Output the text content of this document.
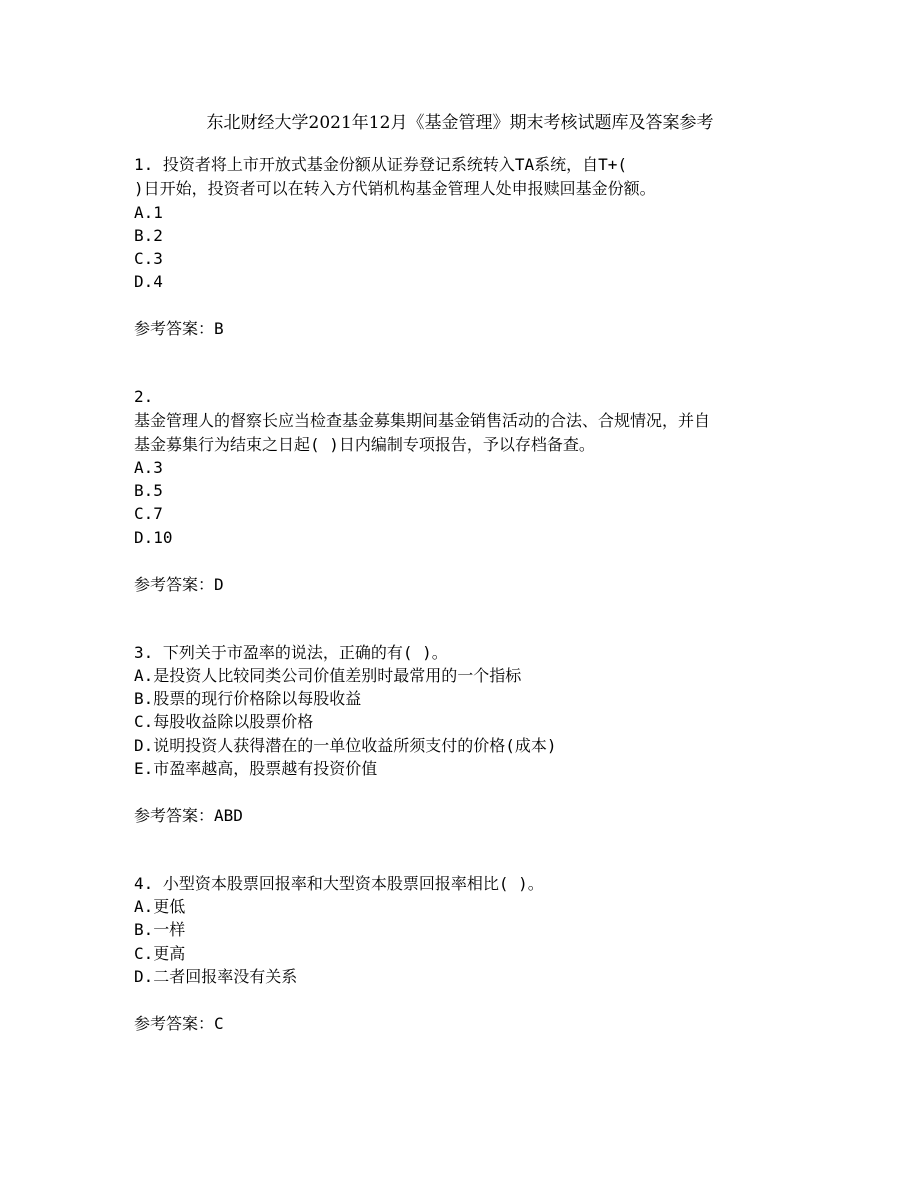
东北财经大学2021年12月《基金管理》期末考核试题库及答案参考
1. 投资者将上市开放式基金份额从证券登记系统转入TA系统，自T+(
)日开始，投资者可以在转入方代销机构基金管理人处申报赎回基金份额。
A.1
B.2
C.3
D.4
参考答案：B
2.
基金管理人的督察长应当检查基金募集期间基金销售活动的合法、合规情况，并自
基金募集行为结束之日起( )日内编制专项报告，予以存档备查。
A.3
B.5
C.7
D.10
参考答案：D
3. 下列关于市盈率的说法，正确的有( )。
A.是投资人比较同类公司价值差别时最常用的一个指标
B.股票的现行价格除以每股收益
C.每股收益除以股票价格
D.说明投资人获得潜在的一单位收益所须支付的价格(成本)
E.市盈率越高，股票越有投资价值
参考答案：ABD
4. 小型资本股票回报率和大型资本股票回报率相比( )。
A.更低
B.一样
C.更高
D.二者回报率没有关系
参考答案：C
